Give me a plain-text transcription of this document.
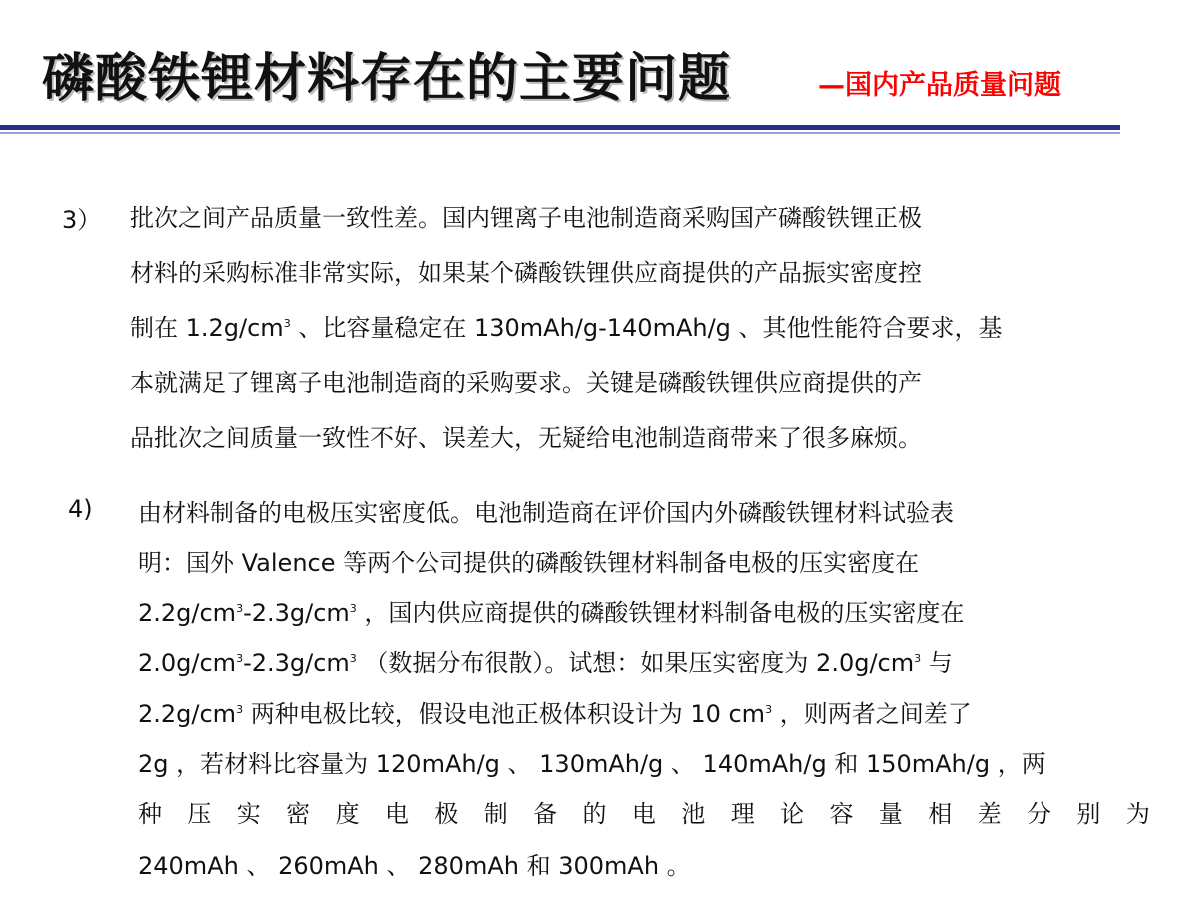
磷酸铁锂材料存在的主要问题	—国内产品质量问题
3） 批次之间产品质量一致性差。国内锂离子电池制造商采购国产磷酸铁锂正极
材料的采购标准非常实际，如果某个磷酸铁锂供应商提供的产品振实密度控
制在 $1.2g/cm^3$ 、比容量稳定在 130mAh/g-140mAh/g 、其他性能符合要求，基
本就满足了锂离子电池制造商的采购要求。关键是磷酸铁锂供应商提供的产
品批次之间质量一致性不好、误差大，无疑给电池制造商带来了很多麻烦。
4) 由材料制备的电极压实密度低。电池制造商在评价国内外磷酸铁锂材料试验表
明：国外 Valence 等两个公司提供的磷酸铁锂材料制备电极的压实密度在
$2.2g/cm^3-2.3g/cm^3$ ，国内供应商提供的磷酸铁锂材料制备电极的压实密度在
$2.0g/cm^3-2.3g/cm^3$ （数据分布很散）。试想：如果压实密度为 $2.0g/cm^3$ 与
$2.2g/cm^3$ 两种电极比较，假设电池正极体积设计为 10 $cm^3$ ，则两者之间差了
2g ，若材料比容量为 120mAh/g 、 130mAh/g 、 140mAh/g 和 150mAh/g ，两
种 压 实 密 度 电 极 制 备 的 电 池 理 论 容 量 相 差 分 别 为
240mAh 、 260mAh 、 280mAh 和 300mAh 。
